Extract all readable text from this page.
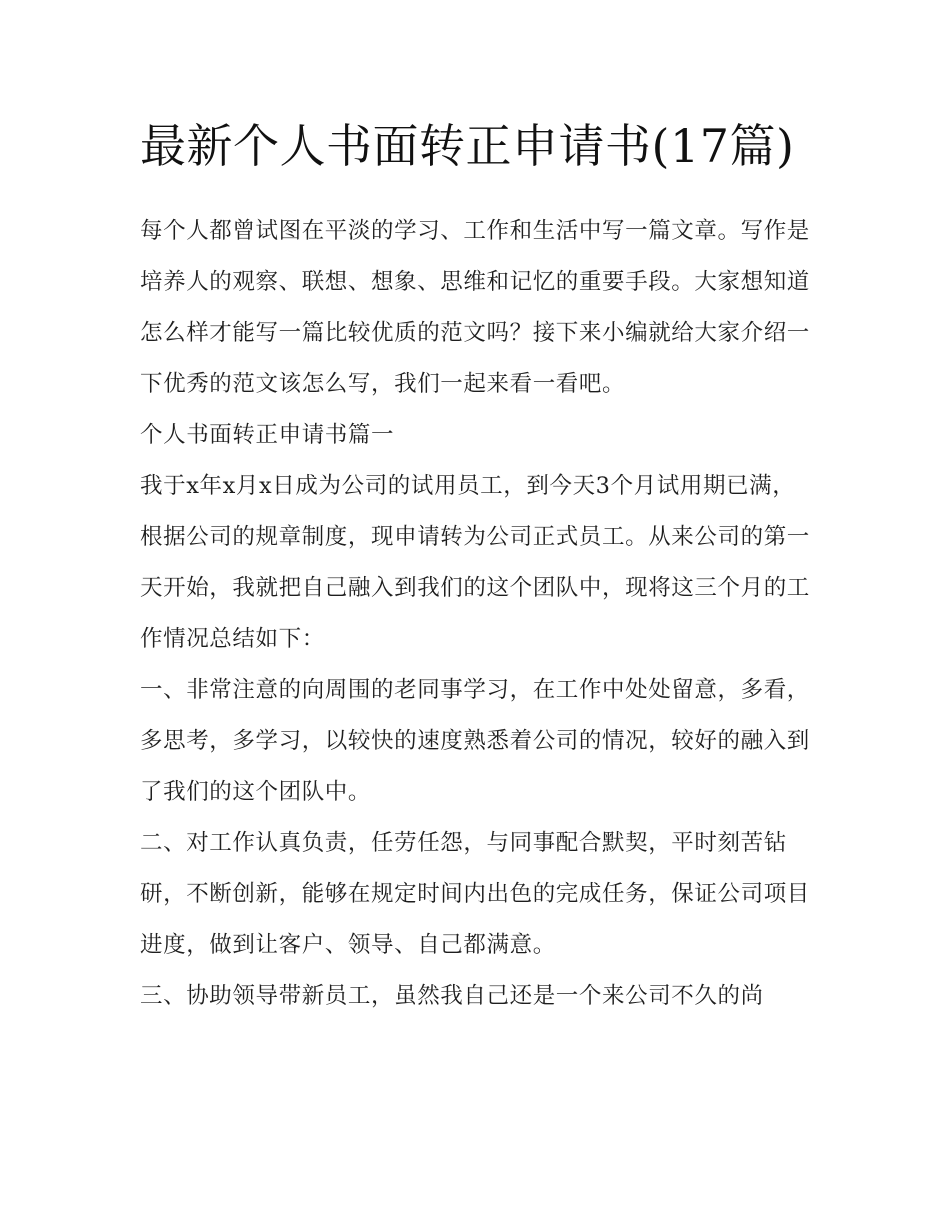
最新个人书面转正申请书(17篇)

每个人都曾试图在平淡的学习、工作和生活中写一篇文章。写作是培养人的观察、联想、想象、思维和记忆的重要手段。大家想知道怎么样才能写一篇比较优质的范文吗？接下来小编就给大家介绍一下优秀的范文该怎么写，我们一起来看一看吧。

个人书面转正申请书篇一

我于x年x月x日成为公司的试用员工，到今天3个月试用期已满，根据公司的规章制度，现申请转为公司正式员工。从来公司的第一天开始，我就把自己融入到我们的这个团队中，现将这三个月的工作情况总结如下：

一、非常注意的向周围的老同事学习，在工作中处处留意，多看，多思考，多学习，以较快的速度熟悉着公司的情况，较好的融入到了我们的这个团队中。

二、对工作认真负责，任劳任怨，与同事配合默契，平时刻苦钻研，不断创新，能够在规定时间内出色的完成任务，保证公司项目进度，做到让客户、领导、自己都满意。

三、协助领导带新员工，虽然我自己还是一个来公司不久的尚
